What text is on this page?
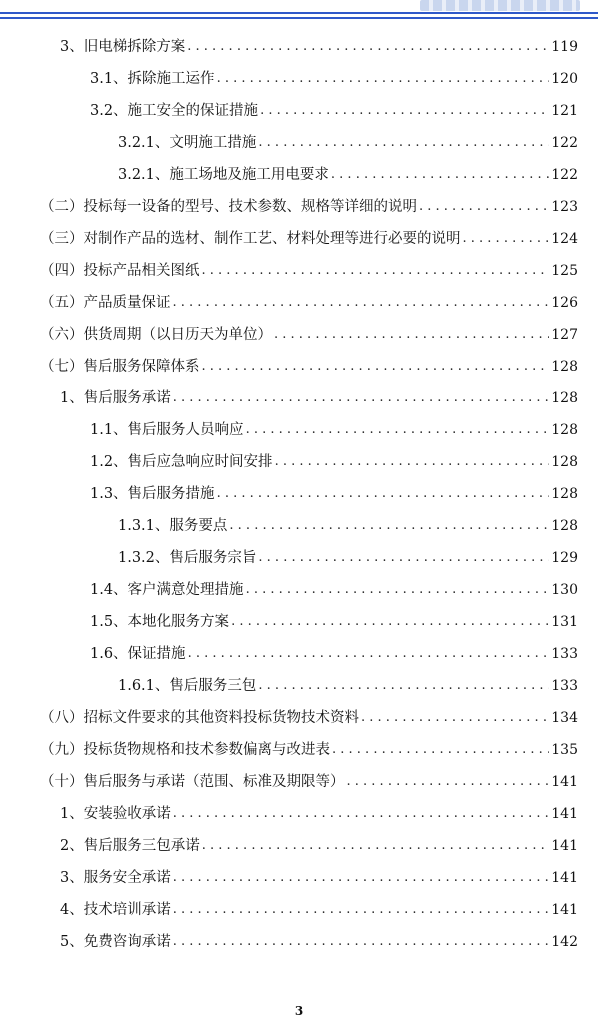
3、旧电梯拆除方案 . . .	119
3.1、拆除施工运作 . . .	120
3.2、施工安全的保证措施 . . .	121
3.2.1、文明施工措施 . . .	122
3.2.1、施工场地及施工用电要求 . . .	122
（二）投标每一设备的型号、技术参数、规格等详细的说明 . . .	123
（三）对制作产品的选材、制作工艺、材料处理等进行必要的说明 . . .	124
（四）投标产品相关图纸 . . .	125
（五）产品质量保证 . . .	126
（六）供货周期（以日历天为单位） . . .	127
（七）售后服务保障体系 . . .	128
1、售后服务承诺 . . .	128
1.1、售后服务人员响应 . . .	128
1.2、售后应急响应时间安排 . . .	128
1.3、售后服务措施 . . .	128
1.3.1、服务要点 . . .	128
1.3.2、售后服务宗旨 . . .	129
1.4、客户满意处理措施 . . .	130
1.5、本地化服务方案 . . .	131
1.6、保证措施 . . .	133
1.6.1、售后服务三包 . . .	133
（八）招标文件要求的其他资料投标货物技术资料 . . .	134
（九）投标货物规格和技术参数偏离与改进表 . . .	135
（十）售后服务与承诺（范围、标准及期限等） . . .	141
1、安装验收承诺 . . .	141
2、售后服务三包承诺 . . .	141
3、服务安全承诺 . . .	141
4、技术培训承诺 . . .	141
5、免费咨询承诺 . . .	142
3
